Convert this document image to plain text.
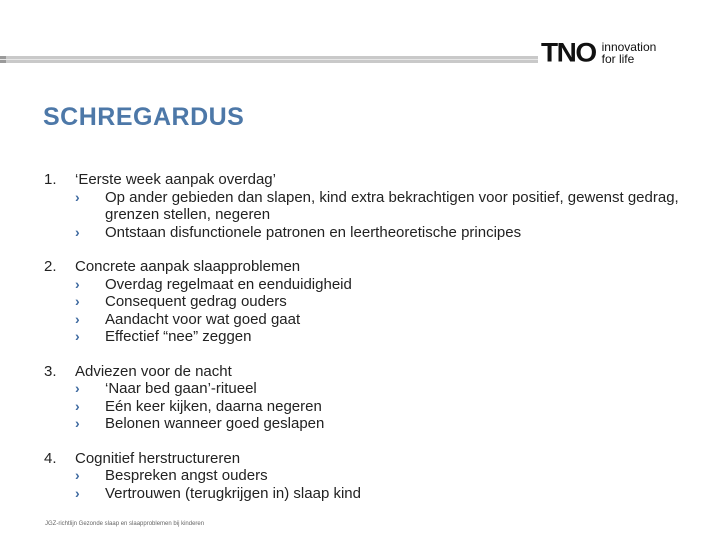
TNO innovation
for life
SCHREGARDUS
1.	‘Eerste week aanpak overdag’
›	Op ander gebieden dan slapen, kind extra bekrachtigen voor positief, gewenst gedrag, grenzen stellen, negeren
›	Ontstaan disfunctionele patronen en leertheoretische principes
2.	Concrete aanpak slaapproblemen
›	Overdag regelmaat en eenduidigheid
›	Consequent gedrag ouders
›	Aandacht voor wat goed gaat
›	Effectief “nee” zeggen
3.	Adviezen voor de nacht
›	‘Naar bed gaan’-ritueel
›	Eén keer kijken, daarna negeren
›	Belonen wanneer goed geslapen
4.	Cognitief herstructureren
›	Bespreken angst ouders
›	Vertrouwen (terugkrijgen in) slaap kind
JGZ-richtlijn Gezonde slaap en slaapproblemen bij kinderen
